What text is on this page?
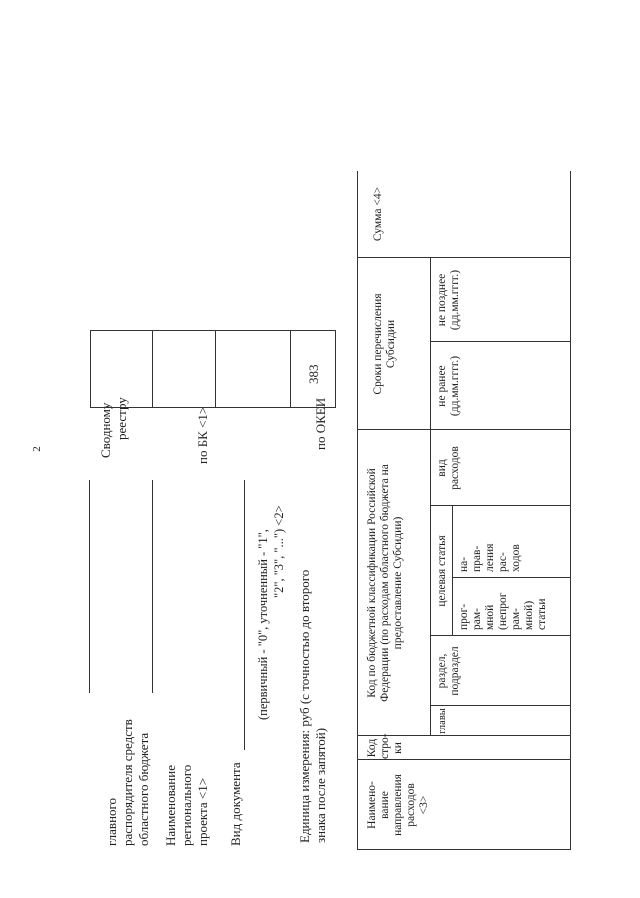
2
главного распорядителя средств областного бюджета Наименование регионального проекта <1> Вид документа
(первичный - "0", уточненный - "1", "2", "3", "...") <2>
Единица измерения: руб (с точностью до второго знака после запятой)
Сводному реестру	по БК <1>	по ОКЕИ
383
Наимено- вание направления расходов <3>
Код стро- ки
Код по бюджетной классификации Российской Федерации (по расходам областного бюджета на предоставление Субсидии)
главы
раздел, подраздел
целевая статья
прог- рам- мной (непрог рам- мной) статьи
на- прав- ления рас- ходов
вид расходов
Сроки перечисления Субсидии
не ранее (дд.мм.гггг.)
не позднее (дд.мм.гггг.)
Сумма <4>
